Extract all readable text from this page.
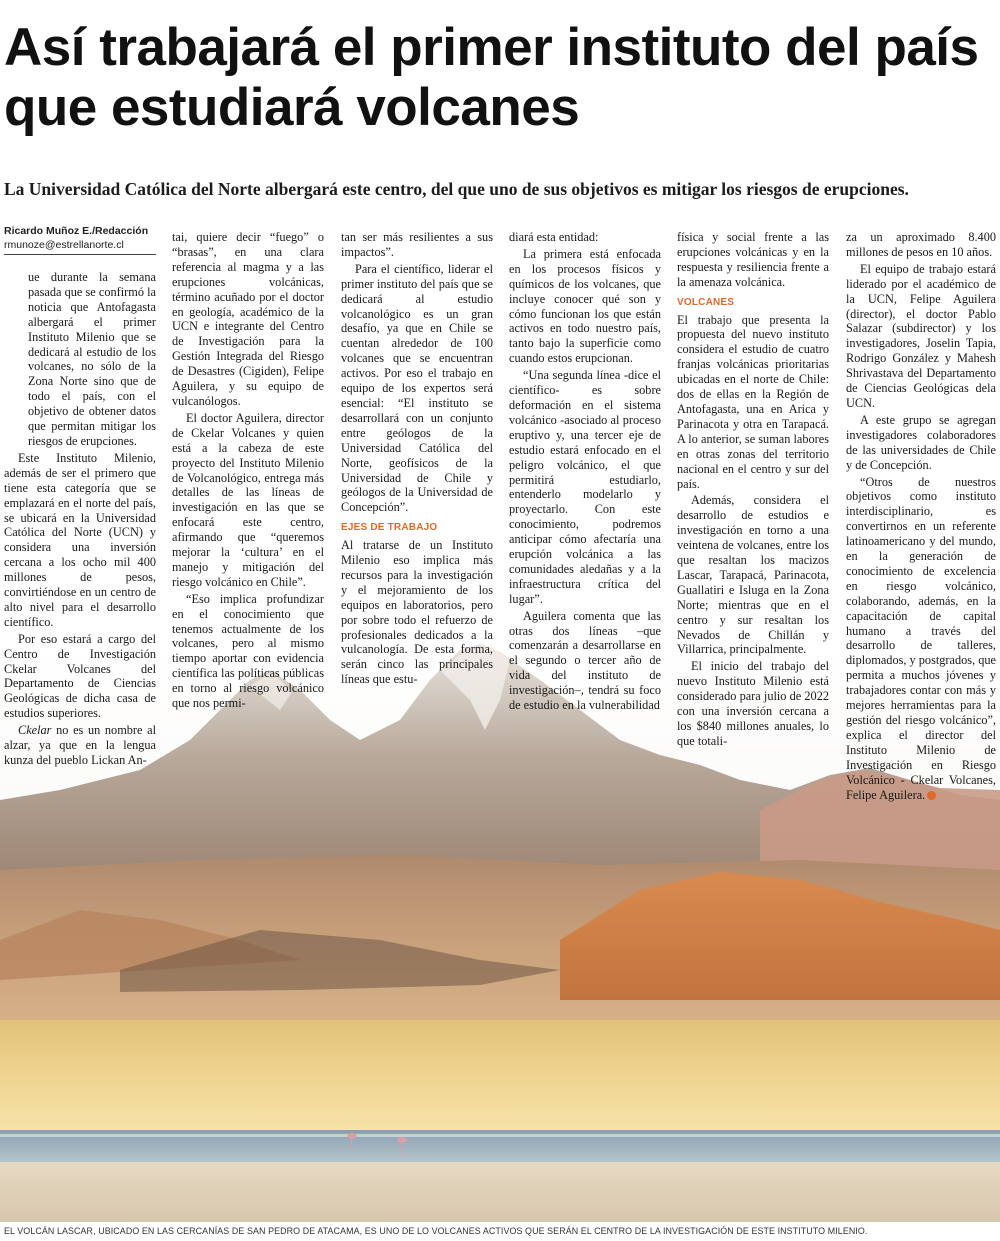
Así trabajará el primer instituto del país que estudiará volcanes

La Universidad Católica del Norte albergará este centro, del que uno de sus objetivos es mitigar los riesgos de erupciones.

Ricardo Muñoz E./Redacción
rmunoze@estrellanorte.cl

ue durante la semana pasada que se confirmó la noticia que Antofagasta albergará el primer Instituto Milenio que se dedicará al estudio de los volcanes, no sólo de la Zona Norte sino que de todo el país, con el objetivo de obtener datos que permitan mitigar los riesgos de erupciones.

Este Instituto Milenio, además de ser el primero que tiene esta categoría que se emplazará en el norte del país, se ubicará en la Universidad Católica del Norte (UCN) y considera una inversión cercana a los ocho mil 400 millones de pesos, convirtiéndose en un centro de alto nivel para el desarrollo científico.

Por eso estará a cargo del Centro de Investigación Ckelar Volcanes del Departamento de Ciencias Geológicas de dicha casa de estudios superiores.

Ckelar no es un nombre al alzar, ya que en la lengua kunza del pueblo Lickan An-

tai, quiere decir “fuego” o “brasas”, en una clara referencia al magma y a las erupciones volcánicas, término acuñado por el doctor en geología, académico de la UCN e integrante del Centro de Investigación para la Gestión Integrada del Riesgo de Desastres (Cigiden), Felipe Aguilera, y su equipo de vulcanólogos.

El doctor Aguilera, director de Ckelar Volcanes y quien está a la cabeza de este proyecto del Instituto Milenio de Volcanológico, entrega más detalles de las líneas de investigación en las que se enfocará este centro, afirmando que “queremos mejorar la ‘cultura’ en el manejo y mitigación del riesgo volcánico en Chile”.

“Eso implica profundizar en el conocimiento que tenemos actualmente de los volcanes, pero al mismo tiempo aportar con evidencia científica las políticas públicas en torno al riesgo volcánico que nos permi-

tan ser más resilientes a sus impactos”.

Para el científico, liderar el primer instituto del país que se dedicará al estudio volcanológico es un gran desafío, ya que en Chile se cuentan alrededor de 100 volcanes que se encuentran activos. Por eso el trabajo en equipo de los expertos será esencial: “El instituto se desarrollará con un conjunto entre geólogos de la Universidad Católica del Norte, geofísicos de la Universidad de Chile y geólogos de la Universidad de Concepción”.

EJES DE TRABAJO

Al tratarse de un Instituto Milenio eso implica más recursos para la investigación y el mejoramiento de los equipos en laboratorios, pero por sobre todo el refuerzo de profesionales dedicados a la vulcanología. De esta forma, serán cinco las principales líneas que estu-

diará esta entidad:

La primera está enfocada en los procesos físicos y químicos de los volcanes, que incluye conocer qué son y cómo funcionan los que están activos en todo nuestro país, tanto bajo la superficie como cuando estos erupcionan.

“Una segunda línea -dice el científico- es sobre deformación en el sistema volcánico -asociado al proceso eruptivo y, una tercer eje de estudio estará enfocado en el peligro volcánico, el que permitirá estudiarlo, entenderlo modelarlo y proyectarlo. Con este conocimiento, podremos anticipar cómo afectaría una erupción volcánica a las comunidades aledañas y a la infraestructura crítica del lugar”.

Aguilera comenta que las otras dos líneas –que comenzarán a desarrollarse en el segundo o tercer año de vida del instituto de investigación–, tendrá su foco de estudio en la vulnerabilidad

física y social frente a las erupciones volcánicas y en la respuesta y resiliencia frente a la amenaza volcánica.

VOLCANES

El trabajo que presenta la propuesta del nuevo instituto considera el estudio de cuatro franjas volcánicas prioritarias ubicadas en el norte de Chile: dos de ellas en la Región de Antofagasta, una en Arica y Parinacota y otra en Tarapacá. A lo anterior, se suman labores en otras zonas del territorio nacional en el centro y sur del país.

Además, considera el desarrollo de estudios e investigación en torno a una veintena de volcanes, entre los que resaltan los macizos Lascar, Tarapacá, Parinacota, Guallatiri e Isluga en la Zona Norte; mientras que en el centro y sur resaltan los Nevados de Chillán y Villarrica, principalmente.

El inicio del trabajo del nuevo Instituto Milenio está considerado para julio de 2022 con una inversión cercana a los $840 millones anuales, lo que totali-

za un aproximado 8.400 millones de pesos en 10 años.

El equipo de trabajo estará liderado por el académico de la UCN, Felipe Aguilera (director), el doctor Pablo Salazar (subdirector) y los investigadores, Joselin Tapia, Rodrigo González y Mahesh Shrivastava del Departamento de Ciencias Geológicas dela UCN.

A este grupo se agregan investigadores colaboradores de las universidades de Chile y de Concepción.

“Otros de nuestros objetivos como instituto interdisciplinario, es convertirnos en un referente latinoamericano y del mundo, en la generación de conocimiento de excelencia en riesgo volcánico, colaborando, además, en la capacitación de capital humano a través del desarrollo de talleres, diplomados, y postgrados, que permita a muchos jóvenes y trabajadores contar con más y mejores herramientas para la gestión del riesgo volcánico”, explica el director del Instituto Milenio de Investigación en Riesgo Volcánico - Ckelar Volcanes, Felipe Aguilera.

EL VOLCÁN LASCAR, UBICADO EN LAS CERCANÍAS DE SAN PEDRO DE ATACAMA, ES UNO DE LO VOLCANES ACTIVOS QUE SERÁN EL CENTRO DE LA INVESTIGACIÓN DE ESTE INSTITUTO MILENIO.
